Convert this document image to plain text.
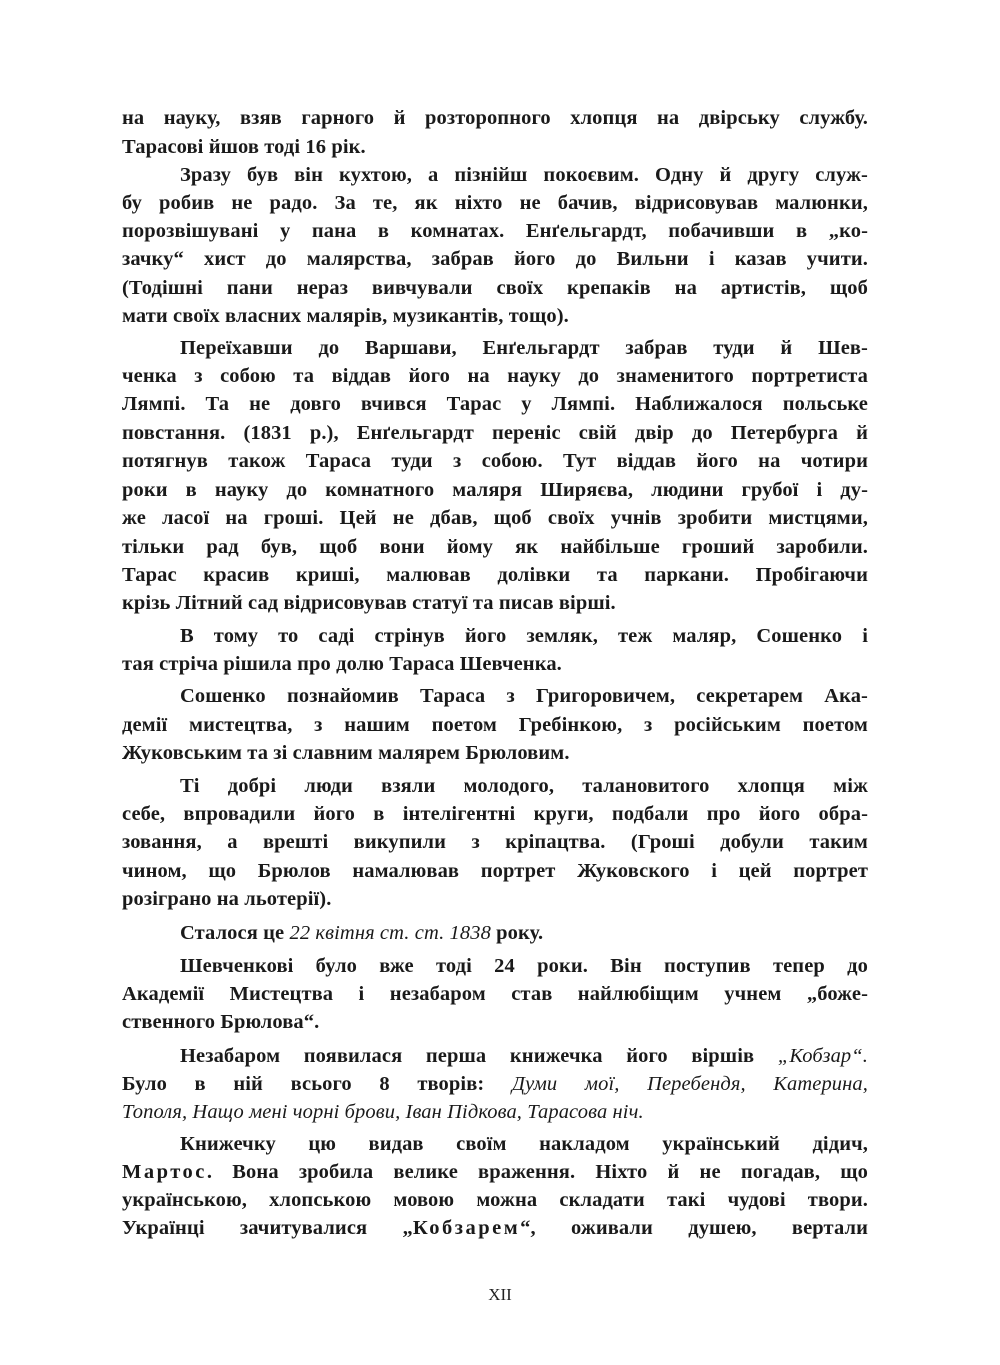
на науку, взяв гарного й розторопного хлопця на двірську службу.
Тарасові йшов тоді 16 рік.
Зразу був він кухтою, а пізнійш покоєвим. Одну й другу служ-
бу робив не радо. За те, як ніхто не бачив, відрисовував малюнки,
порозвішувані у пана в комнатах. Енґельгардт, побачивши в „ко-
зачку“ хист до малярства, забрав його до Вильни і казав учити.
(Тодішні пани нераз вивчували своїх крепаків на артистів, щоб
мати своїх власних малярів, музикантів, тощо).
Переїхавши до Варшави, Енґельгардт забрав туди й Шев-
ченка з собою та віддав його на науку до знаменитого портретиста
Лямпі. Та не довго вчився Тарас у Лямпі. Наближалося польське
повстання. (1831 р.), Енґельгардт переніс свій двір до Петербурга й
потягнув також Тараса туди з собою. Тут віддав його на чотири
роки в науку до комнатного маляря Ширяєва, людини грубої і ду-
же ласої на гроші. Цей не дбав, щоб своїх учнів зробити мистцями,
тільки рад був, щоб вони йому як найбільше гроший заробили.
Тарас красив криші, малював долівки та паркани. Пробігаючи
крізь Літний сад відрисовував статуї та писав вірші.
В тому то саді стрінув його земляк, теж маляр, Сошенко і
тая стріча рішила про долю Тараса Шевченка.
Сошенко познайомив Тараса з Григоровичем, секретарем Ака-
демії мистецтва, з нашим поетом Гребінкою, з російським поетом
Жуковським та зі славним малярем Брюловим.
Ті добрі люди взяли молодого, талановитого хлопця між
себе, впровадили його в інтелігентні круги, подбали про його обра-
зовання, а врешті викупили з кріпацтва. (Гроші добули таким
чином, що Брюлов намалював портрет Жуковского і цей портрет
розіграно на льотерії).
Сталося це 22 квітня ст. ст. 1838 року.
Шевченкові було вже тоді 24 роки. Він поступив тепер до
Академії Мистецтва і незабаром став найлюбіщим учнем „боже-
ственного Брюлова“.
Незабаром появилася перша книжечка його віршів „Кобзар“.
Було в ній всього 8 творів: Думи мої, Перебендя, Катерина,
Тополя, Нащо мені чорні брови, Іван Підкова, Тарасова ніч.
Книжечку цю видав своїм накладом український дідич,
Мартос. Вона зробила велике враження. Ніхто й не погадав, що
українською, хлопською мовою можна складати такі чудові твори.
Українці зачитувалися „Кобзарем“, оживали душею, вертали
XII
